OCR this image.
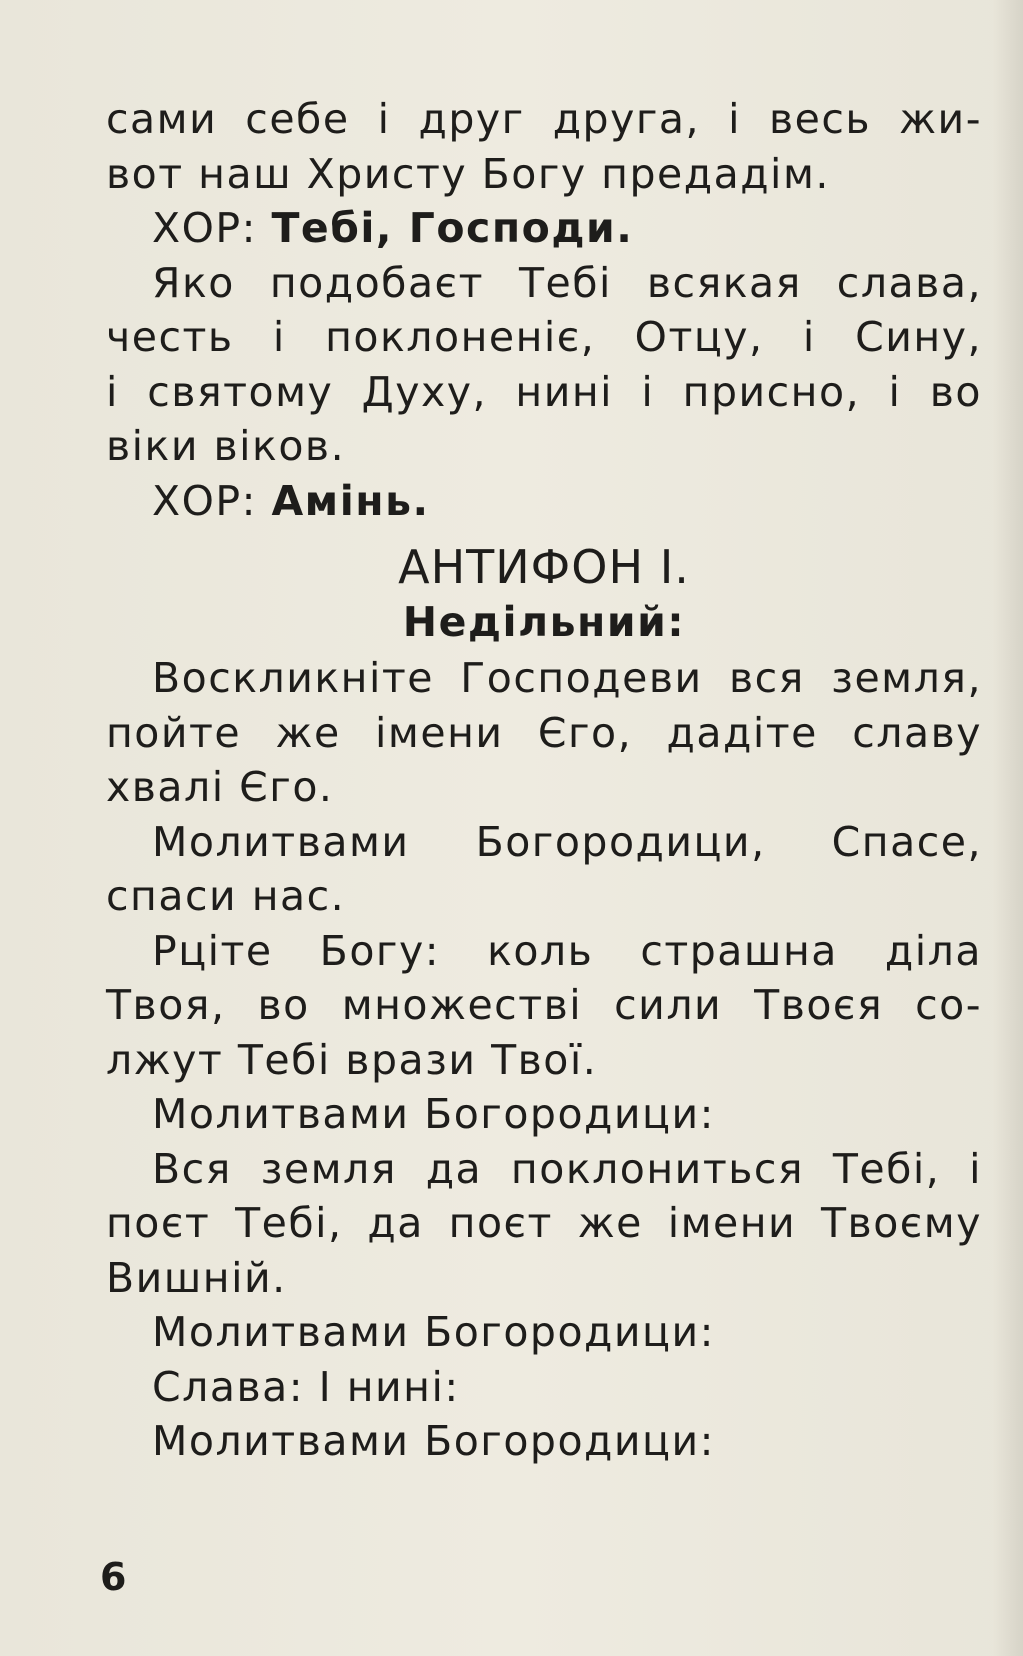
сами себе і друг друга, і весь жи-
вот наш Христу Богу предадім.
ХОР: Тебі, Господи.
Яко подобаєт Тебі всякая слава,
честь і поклоненіє, Отцу, і Сину,
і святому Духу, нині і присно, і во
віки віков.
ХОР: Амінь.
АНТИФОН І.
Недільний:
Воскликніте Господеви вся земля,
пойте же імени Єго, дадіте славу
хвалі Єго.
Молитвами Богородици, Спасе,
спаси нас.
Рціте Богу: коль страшна діла
Твоя, во множестві сили Твоєя со-
лжут Тебі врази Твої.
Молитвами Богородици:
Вся земля да поклониться Тебі, і
поєт Тебі, да поєт же імени Твоєму
Вишній.
Молитвами Богородици:
Слава: І нині:
Молитвами Богородици:
6
